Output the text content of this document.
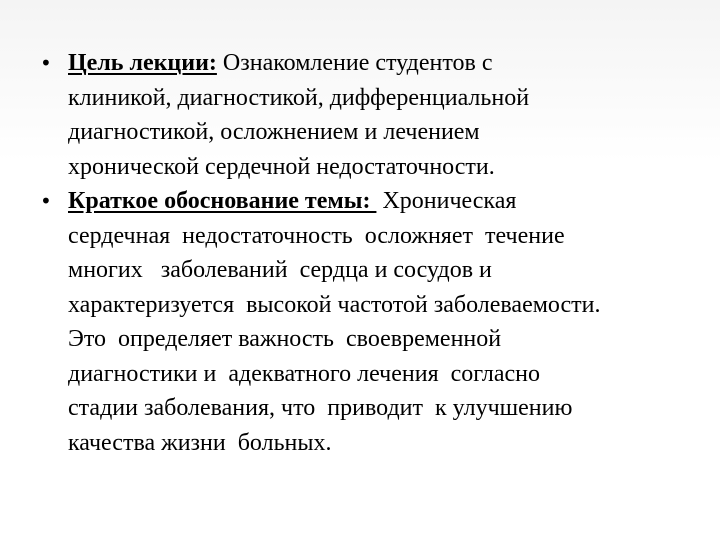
• Цель лекции: Ознакомление студентов с
клиникой, диагностикой, дифференциальной
диагностикой, осложнением и лечением
хронической сердечной недостаточности.
• Краткое обоснование темы:  Хроническая
сердечная  недостаточность  осложняет  течение
многих   заболеваний  сердца и сосудов и
характеризуется  высокой частотой заболеваемости.
Это  определяет важность  своевременной
диагностики и  адекватного лечения  согласно
стадии заболевания, что  приводит  к улучшению
качества жизни  больных.
